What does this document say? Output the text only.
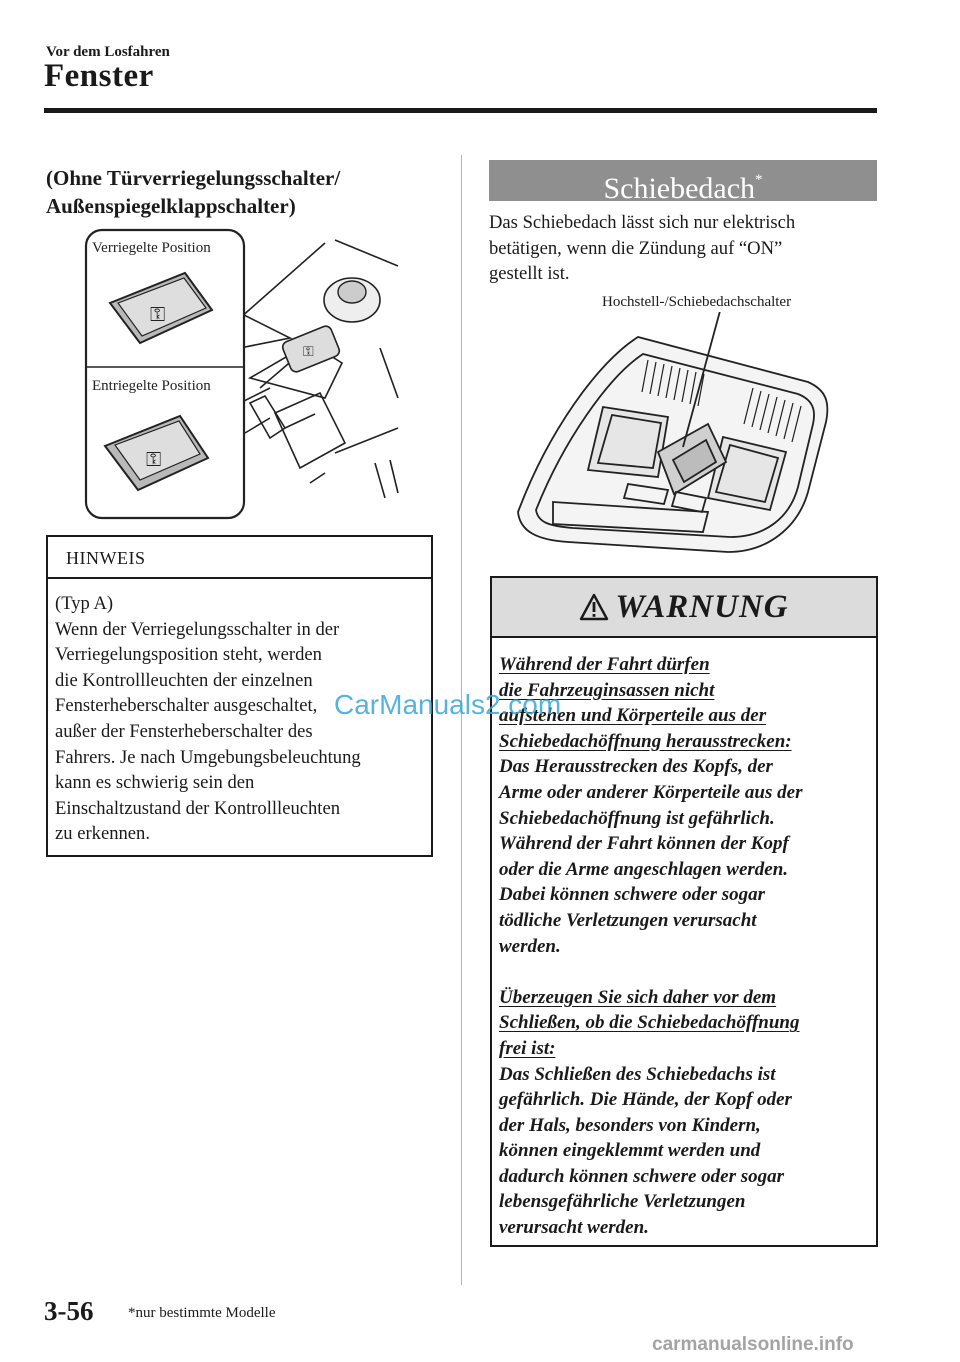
Vor dem Losfahren
Fenster
(Ohne Türverriegelungsschalter/
Außenspiegelklappschalter)
⚿
Verriegelte Position
Entriegelte Position
⚿
⚿
HINWEIS
(Typ A)
Wenn der Verriegelungsschalter in der
Verriegelungsposition steht, werden
die Kontrollleuchten der einzelnen
Fensterheberschalter ausgeschaltet,
außer der Fensterheberschalter des
Fahrers. Je nach Umgebungsbeleuchtung
kann es schwierig sein den
Einschaltzustand der Kontrollleuchten
zu erkennen.
Schiebedach*
Das Schiebedach lässt sich nur elektrisch
betätigen, wenn die Zündung auf “ON”
gestellt ist.
Hochstell-/Schiebedachschalter
WARNUNG

Während der Fahrt dürfen

die Fahrzeuginsassen nicht

aufstehen und Körperteile aus der

Schiebedachöffnung herausstrecken:

Das Herausstrecken des Kopfs, der

Arme oder anderer Körperteile aus der

Schiebedachöffnung ist gefährlich.

Während der Fahrt können der Kopf

oder die Arme angeschlagen werden.

Dabei können schwere oder sogar

tödliche Verletzungen verursacht

werden.

Überzeugen Sie sich daher vor dem

Schließen, ob die Schiebedachöffnung

frei ist:

Das Schließen des Schiebedachs ist

gefährlich. Die Hände, der Kopf oder

der Hals, besonders von Kindern,

können eingeklemmt werden und

dadurch können schwere oder sogar

lebensgefährliche Verletzungen

verursacht werden.

3-56 *nur bestimmte Modelle
CarManuals2.com
carmanualsonline.info
